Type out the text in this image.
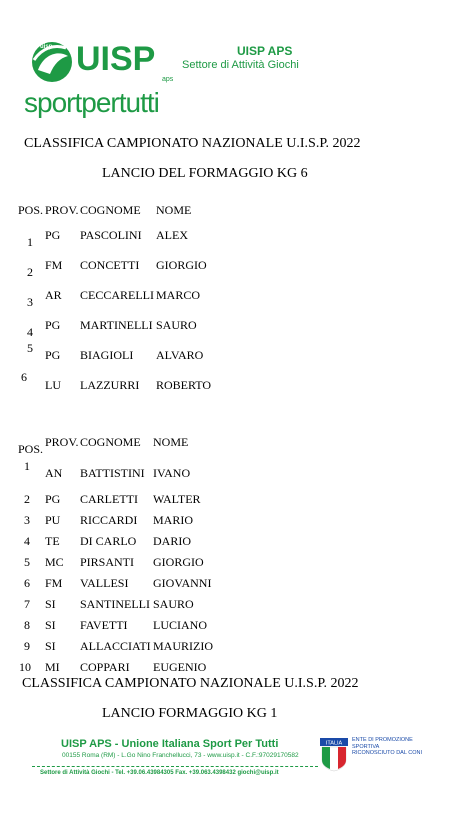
uisp UISP
aps
sportpertutti
UISP APS
Settore di Attività Giochi
CLASSIFICA CAMPIONATO NAZIONALE U.I.S.P. 2022
LANCIO DEL FORMAGGIO KG 6
POS. PROV. COGNOME NOME
1 PG PASCOLINI ALEX
2 FM CONCETTI GIORGIO
3 AR CECCARELLI MARCO
4 PG MARTINELLI SAURO
5 PG BIAGIOLI ALVARO
6
LU LAZZURRI ROBERTO
POS. PROV. COGNOME NOME
1 AN BATTISTINI IVANO
2 PG CARLETTI WALTER
3 PU RICCARDI MARIO
4 TE DI CARLO DARIO
5 MC PIRSANTI GIORGIO
6 FM VALLESI GIOVANNI
7 SI SANTINELLI SAURO
8 SI FAVETTI LUCIANO
9 SI ALLACCIATI MAURIZIO
10 MI COPPARI EUGENIO
CLASSIFICA CAMPIONATO NAZIONALE U.I.S.P. 2022
LANCIO FORMAGGIO KG 1
UISP APS - Unione Italiana Sport Per Tutti
00155 Roma (RM) - L.Go Nino Franchellucci, 73 - www.uisp.it - C.F.:97029170582
Settore di Attività Giochi - Tel. +39.06.43984305 Fax. +39.063.4398432 giochi@uisp.it
ITALIA
ENTE DI PROMOZIONE SPORTIVA RICONOSCIUTO DAL CONI
